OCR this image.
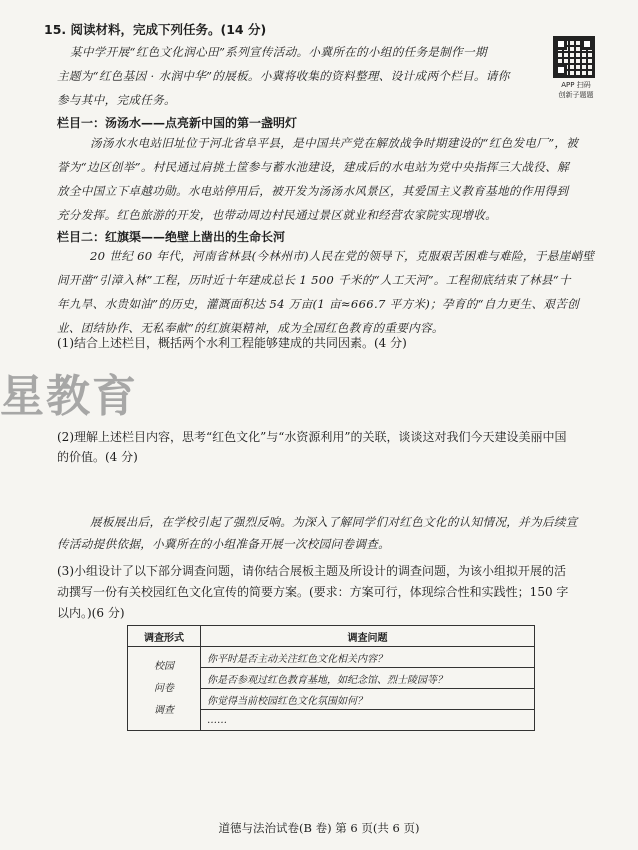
15. 阅读材料，完成下列任务。(14 分)
APP 扫码
创新子题题
某中学开展“红色文化润心田”系列宣传活动。小冀所在的小组的任务是制作一期
主题为“红色基因 · 水润中华”的展板。小冀将收集的资料整理、设计成两个栏目。请你
参与其中，完成任务。
栏目一：汤汤水——点亮新中国的第一盏明灯
汤汤水水电站旧址位于河北省阜平县，是中国共产党在解放战争时期建设的“红色发电厂”，被
誉为“边区创举”。村民通过肩挑土筐参与蓄水池建设，建成后的水电站为党中央指挥三大战役、解
放全中国立下卓越功勋。水电站停用后，被开发为汤汤水风景区，其爱国主义教育基地的作用得到
充分发挥。红色旅游的开发，也带动周边村民通过景区就业和经营农家院实现增收。
栏目二：红旗渠——绝壁上凿出的生命长河
20 世纪 60 年代，河南省林县(今林州市)人民在党的领导下，克服艰苦困难与难险，于悬崖峭壁
间开凿“引漳入林”工程，历时近十年建成总长 1 500 千米的“人工天河”。工程彻底结束了林县“十
年九旱、水贵如油”的历史，灌溉面积达 54 万亩(1 亩≈666.7 平方米)；孕育的“自力更生、艰苦创
业、团结协作、无私奉献”的红旗渠精神，成为全国红色教育的重要内容。
(1)结合上述栏目，概括两个水利工程能够建成的共同因素。(4 分)
星教育
(2)理解上述栏目内容，思考“红色文化”与“水资源利用”的关联，谈谈这对我们今天建设美丽中国
的价值。(4 分)
展板展出后，在学校引起了强烈反响。为深入了解同学们对红色文化的认知情况，并为后续宣
传活动提供依据，小冀所在的小组准备开展一次校园问卷调查。
(3)小组设计了以下部分调查问题，请你结合展板主题及所设计的调查问题，为该小组拟开展的活
动撰写一份有关校园红色文化宣传的简要方案。(要求：方案可行，体现综合性和实践性；150 字
以内。)(6 分)
调查形式	调查问题

校园
问卷
调查	你平时是否主动关注红色文化相关内容？
	你是否参观过红色教育基地，如纪念馆、烈士陵园等？
	你觉得当前校园红色文化氛围如何？
	……
道德与法治试卷(B 卷) 第 6 页(共 6 页)
